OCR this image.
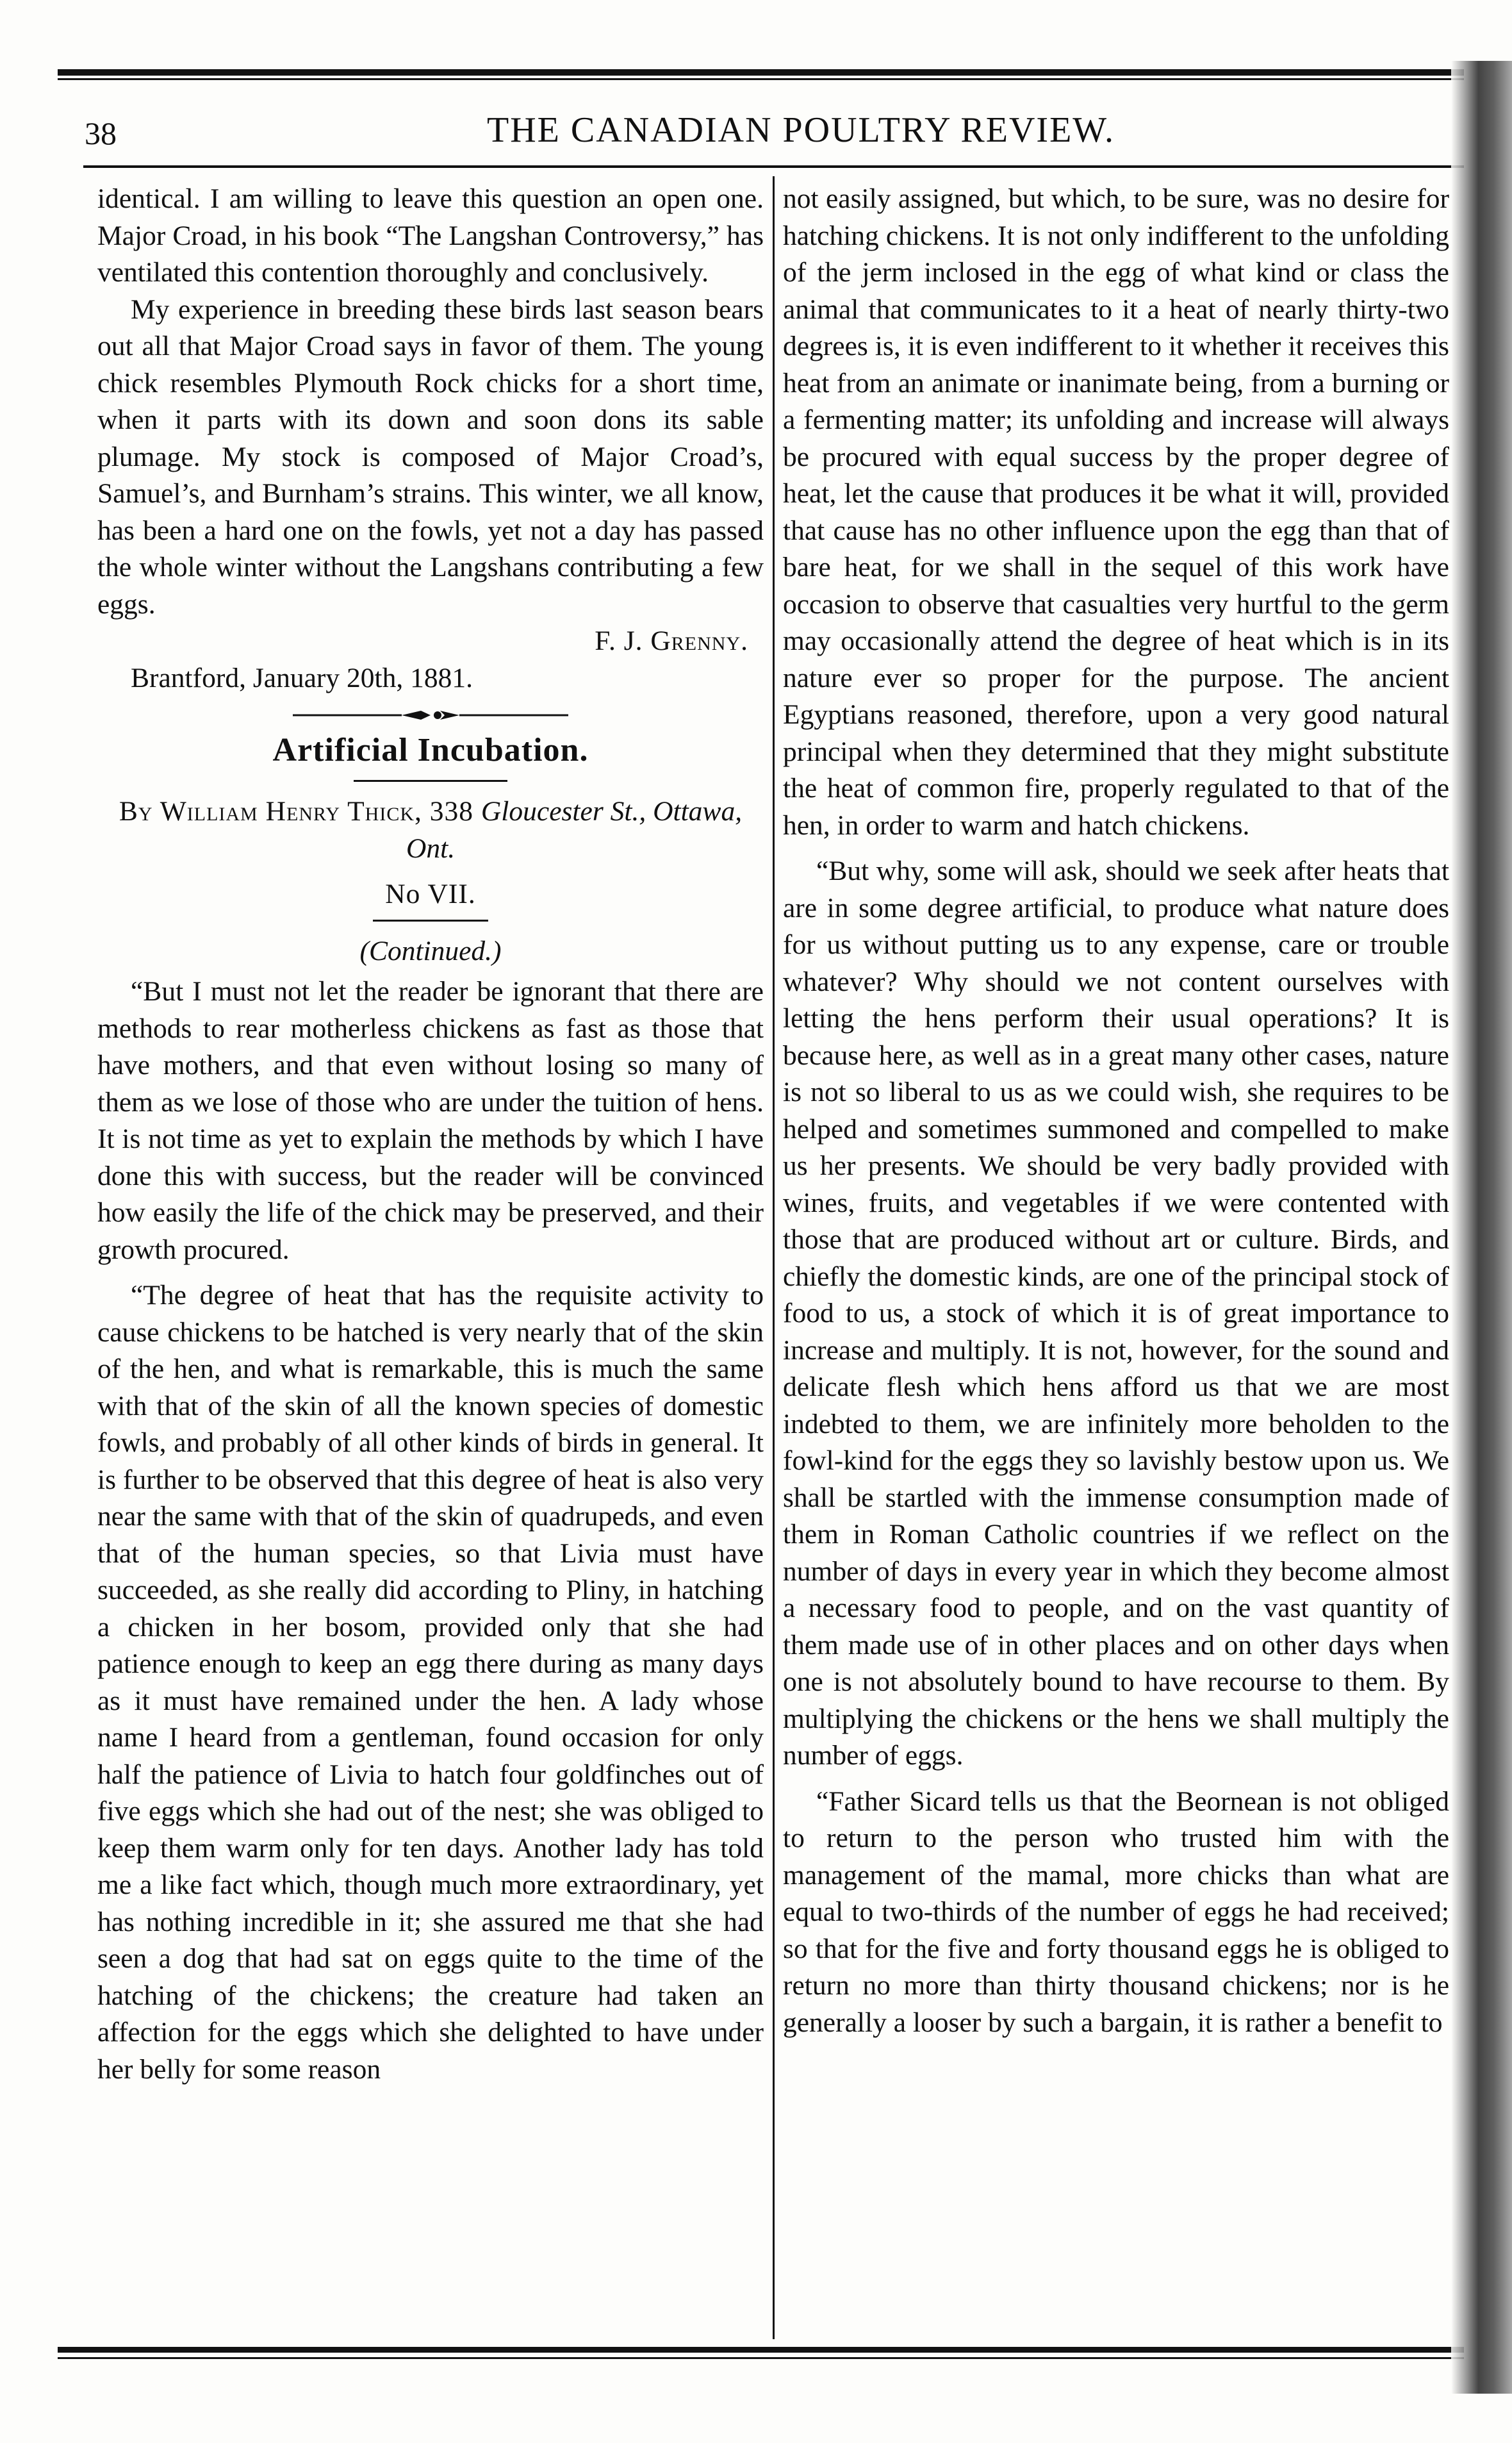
38	THE CANADIAN POULTRY REVIEW.

identical. I am willing to leave this question an open one. Major Croad, in his book “The Langshan Controversy,” has ventilated this contention thoroughly and conclusively.

My experience in breeding these birds last season bears out all that Major Croad says in favor of them. The young chick resembles Plymouth Rock chicks for a short time, when it parts with its down and soon dons its sable plumage. My stock is composed of Major Croad’s, Samuel’s, and Burnham’s strains. This winter, we all know, has been a hard one on the fowls, yet not a day has passed the whole winter without the Langshans contributing a few eggs.

F. J. Grenny.

Brantford, January 20th, 1881.

Artificial Incubation.

By William Henry Thick, 338 Gloucester St., Ottawa, Ont.

No VII.
(Continued.)

“But I must not let the reader be ignorant that there are methods to rear motherless chickens as fast as those that have mothers, and that even without losing so many of them as we lose of those who are under the tuition of hens. It is not time as yet to explain the methods by which I have done this with success, but the reader will be convinced how easily the life of the chick may be preserved, and their growth procured.

“The degree of heat that has the requisite activity to cause chickens to be hatched is very nearly that of the skin of the hen, and what is remarkable, this is much the same with that of the skin of all the known species of domestic fowls, and probably of all other kinds of birds in general. It is further to be observed that this degree of heat is also very near the same with that of the skin of quadrupeds, and even that of the human species, so that Livia must have succeeded, as she really did according to Pliny, in hatching a chicken in her bosom, provided only that she had patience enough to keep an egg there during as many days as it must have remained under the hen. A lady whose name I heard from a gentleman, found occasion for only half the patience of Livia to hatch four goldfinches out of five eggs which she had out of the nest; she was obliged to keep them warm only for ten days. Another lady has told me a like fact which, though much more extraordinary, yet has nothing incredible in it; she assured me that she had seen a dog that had sat on eggs quite to the time of the hatching of the chickens; the creature had taken an affection for the eggs which she delighted to have under her belly for some reason

not easily assigned, but which, to be sure, was no desire for hatching chickens. It is not only indifferent to the unfolding of the jerm inclosed in the egg of what kind or class the animal that communicates to it a heat of nearly thirty-two degrees is, it is even indifferent to it whether it receives this heat from an animate or inanimate being, from a burning or a fermenting matter; its unfolding and increase will always be procured with equal success by the proper degree of heat, let the cause that produces it be what it will, provided that cause has no other influence upon the egg than that of bare heat, for we shall in the sequel of this work have occasion to observe that casualties very hurtful to the germ may occasionally attend the degree of heat which is in its nature ever so proper for the purpose. The ancient Egyptians reasoned, therefore, upon a very good natural principal when they determined that they might substitute the heat of common fire, properly regulated to that of the hen, in order to warm and hatch chickens.

“But why, some will ask, should we seek after heats that are in some degree artificial, to produce what nature does for us without putting us to any expense, care or trouble whatever? Why should we not content ourselves with letting the hens perform their usual operations? It is because here, as well as in a great many other cases, nature is not so liberal to us as we could wish, she requires to be helped and sometimes summoned and compelled to make us her presents. We should be very badly provided with wines, fruits, and vegetables if we were contented with those that are produced without art or culture. Birds, and chiefly the domestic kinds, are one of the principal stock of food to us, a stock of which it is of great importance to increase and multiply. It is not, however, for the sound and delicate flesh which hens afford us that we are most indebted to them, we are infinitely more beholden to the fowl-kind for the eggs they so lavishly bestow upon us. We shall be startled with the immense consumption made of them in Roman Catholic countries if we reflect on the number of days in every year in which they become almost a necessary food to people, and on the vast quantity of them made use of in other places and on other days when one is not absolutely bound to have recourse to them. By multiplying the chickens or the hens we shall multiply the number of eggs.

“Father Sicard tells us that the Beornean is not obliged to return to the person who trusted him with the management of the mamal, more chicks than what are equal to two-thirds of the number of eggs he had received; so that for the five and forty thousand eggs he is obliged to return no more than thirty thousand chickens; nor is he generally a looser by such a bargain, it is rather a benefit to
